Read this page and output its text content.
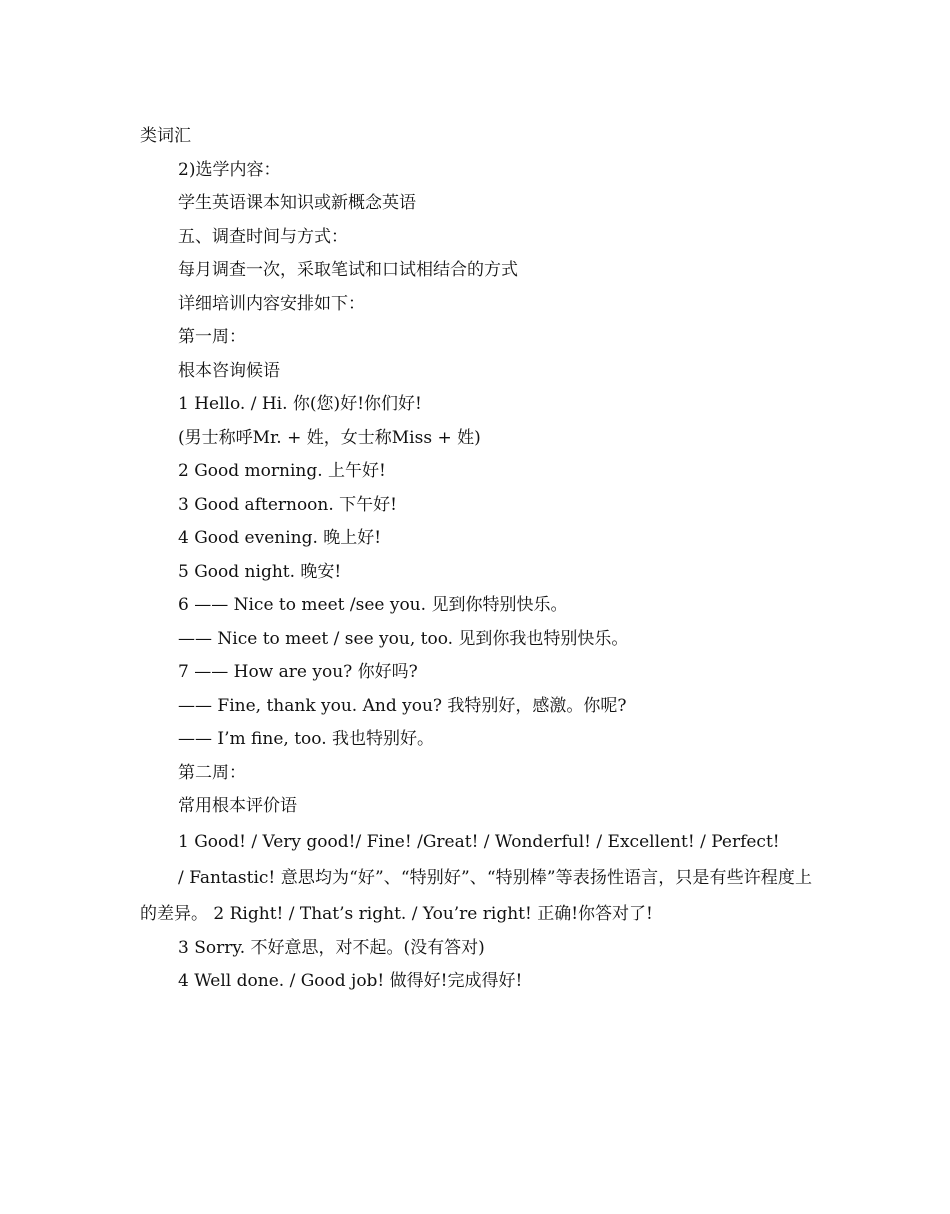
类词汇
2)选学内容：
学生英语课本知识或新概念英语
五、调查时间与方式：
每月调查一次，采取笔试和口试相结合的方式
详细培训内容安排如下：
第一周：
根本咨询候语
1 Hello. / Hi. 你(您)好!你们好!
(男士称呼Mr. + 姓，女士称Miss + 姓)
2 Good morning. 上午好!
3 Good afternoon. 下午好!
4 Good evening. 晚上好!
5 Good night. 晚安!
6 —— Nice to meet /see you. 见到你特别快乐。
—— Nice to meet / see you, too. 见到你我也特别快乐。
7 —— How are you? 你好吗?
—— Fine, thank you. And you? 我特别好，感激。你呢?
—— I’m fine, too. 我也特别好。
第二周：
常用根本评价语
1 Good! / Very good!/ Fine! /Great! / Wonderful! / Excellent! / Perfect!
/ Fantastic! 意思均为“好”、“特别好”、“特别棒”等表扬性语言，只是有些许程度上的差异。 2 Right! / That’s right. / You’re right! 正确!你答对了!
3 Sorry. 不好意思，对不起。(没有答对)
4 Well done. / Good job! 做得好!完成得好!
